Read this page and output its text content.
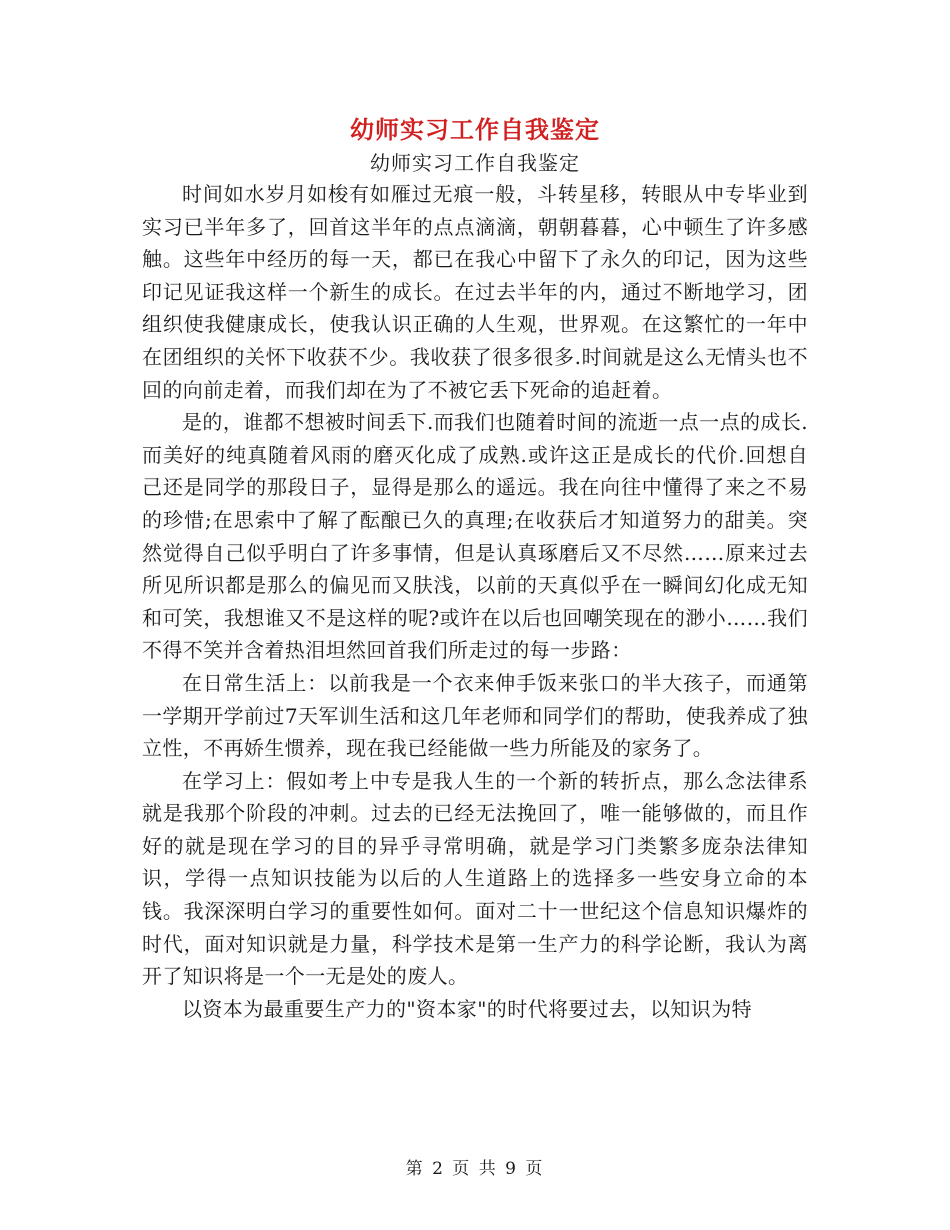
幼师实习工作自我鉴定
幼师实习工作自我鉴定

时间如水岁月如梭有如雁过无痕一般，斗转星移，转眼从中专毕业到实习已半年多了，回首这半年的点点滴滴，朝朝暮暮，心中顿生了许多感触。这些年中经历的每一天，都已在我心中留下了永久的印记，因为这些印记见证我这样一个新生的成长。在过去半年的内，通过不断地学习，团组织使我健康成长，使我认识正确的人生观，世界观。在这繁忙的一年中在团组织的关怀下收获不少。我收获了很多很多.时间就是这么无情头也不回的向前走着，而我们却在为了不被它丢下死命的追赶着。

是的，谁都不想被时间丢下.而我们也随着时间的流逝一点一点的成长.而美好的纯真随着风雨的磨灭化成了成熟.或许这正是成长的代价.回想自己还是同学的那段日子，显得是那么的遥远。我在向往中懂得了来之不易的珍惜;在思索中了解了酝酿已久的真理;在收获后才知道努力的甜美。突然觉得自己似乎明白了许多事情，但是认真琢磨后又不尽然……原来过去所见所识都是那么的偏见而又肤浅，以前的天真似乎在一瞬间幻化成无知和可笑，我想谁又不是这样的呢?或许在以后也回嘲笑现在的渺小……我们不得不笑并含着热泪坦然回首我们所走过的每一步路：

在日常生活上：以前我是一个衣来伸手饭来张口的半大孩子，而通第一学期开学前过7天军训生活和这几年老师和同学们的帮助，使我养成了独立性，不再娇生惯养，现在我已经能做一些力所能及的家务了。

在学习上：假如考上中专是我人生的一个新的转折点，那么念法律系就是我那个阶段的冲刺。过去的已经无法挽回了，唯一能够做的，而且作好的就是现在学习的目的异乎寻常明确，就是学习门类繁多庞杂法律知识，学得一点知识技能为以后的人生道路上的选择多一些安身立命的本钱。我深深明白学习的重要性如何。面对二十一世纪这个信息知识爆炸的时代，面对知识就是力量，科学技术是第一生产力的科学论断，我认为离开了知识将是一个一无是处的废人。

以资本为最重要生产力的"资本家"的时代将要过去，以知识为特

第 2 页 共 9 页
